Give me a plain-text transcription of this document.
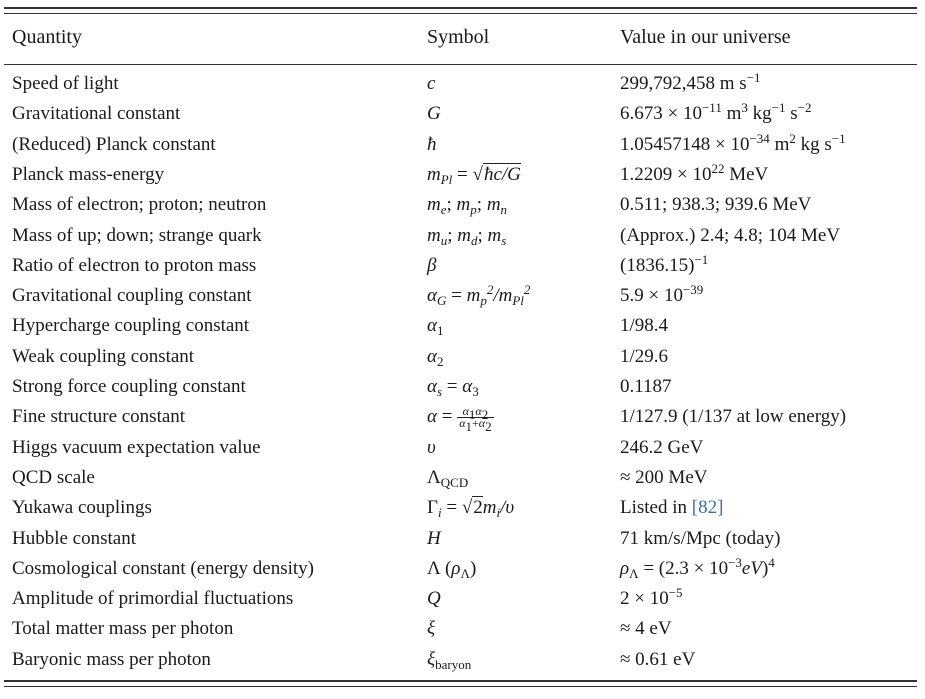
Quantity	Symbol	Value in our universe
Speed of light	c	299,792,458 m $s^{-1}$
Gravitational constant	G	$6.673 \times 10^{-11}$ $m^3$ $kg^{-1}$ $s^{-2}$
(Reduced) Planck constant	ħ	$1.05457148 \times 10^{-34}$ $m^2$ kg $s^{-1}$
Planck mass-energy	$m_{Pl}$ = √ħc/G	$1.2209 \times 10^{22}$ MeV
Mass of electron; proton; neutron	$m_e$; $m_p$; $m_n$	0.511; 938.3; 939.6 MeV
Mass of up; down; strange quark	$m_u$; $m_d$; $m_s$	(Approx.) 2.4; 4.8; 104 MeV
Ratio of electron to proton mass	β	$(1836.15)^{-1}$
Gravitational coupling constant	$\alpha_G = m_p^2/m_{Pl}^2$	$5.9 \times 10^{-39}$
Hypercharge coupling constant	$\alpha_1$	1/98.4
Weak coupling constant	$\alpha_2$	1/29.6
Strong force coupling constant	$\alpha_s = \alpha_3$	0.1187
Fine structure constant	$\alpha = \frac{\alpha_1\alpha_2}{\alpha_1+\alpha_2}$	1/127.9 (1/137 at low energy)
Higgs vacuum expectation value	υ	246.2 GeV
QCD scale	$\Lambda_{QCD}$	≈ 200 MeV
Yukawa couplings	$\Gamma_i = √2m_i/\upsilon$	Listed in [82]
Hubble constant	H	71 km/s/Mpc (today)
Cosmological constant (energy density)	Λ $(\rho_\Lambda)$	$\rho_\Lambda = (2.3 \times 10^{-3}eV)^4$
Amplitude of primordial fluctuations	Q	$2 \times 10^{-5}$
Total matter mass per photon	ξ	≈ 4 eV
Baryonic mass per photon	$\xi_{baryon}$	≈ 0.61 eV
